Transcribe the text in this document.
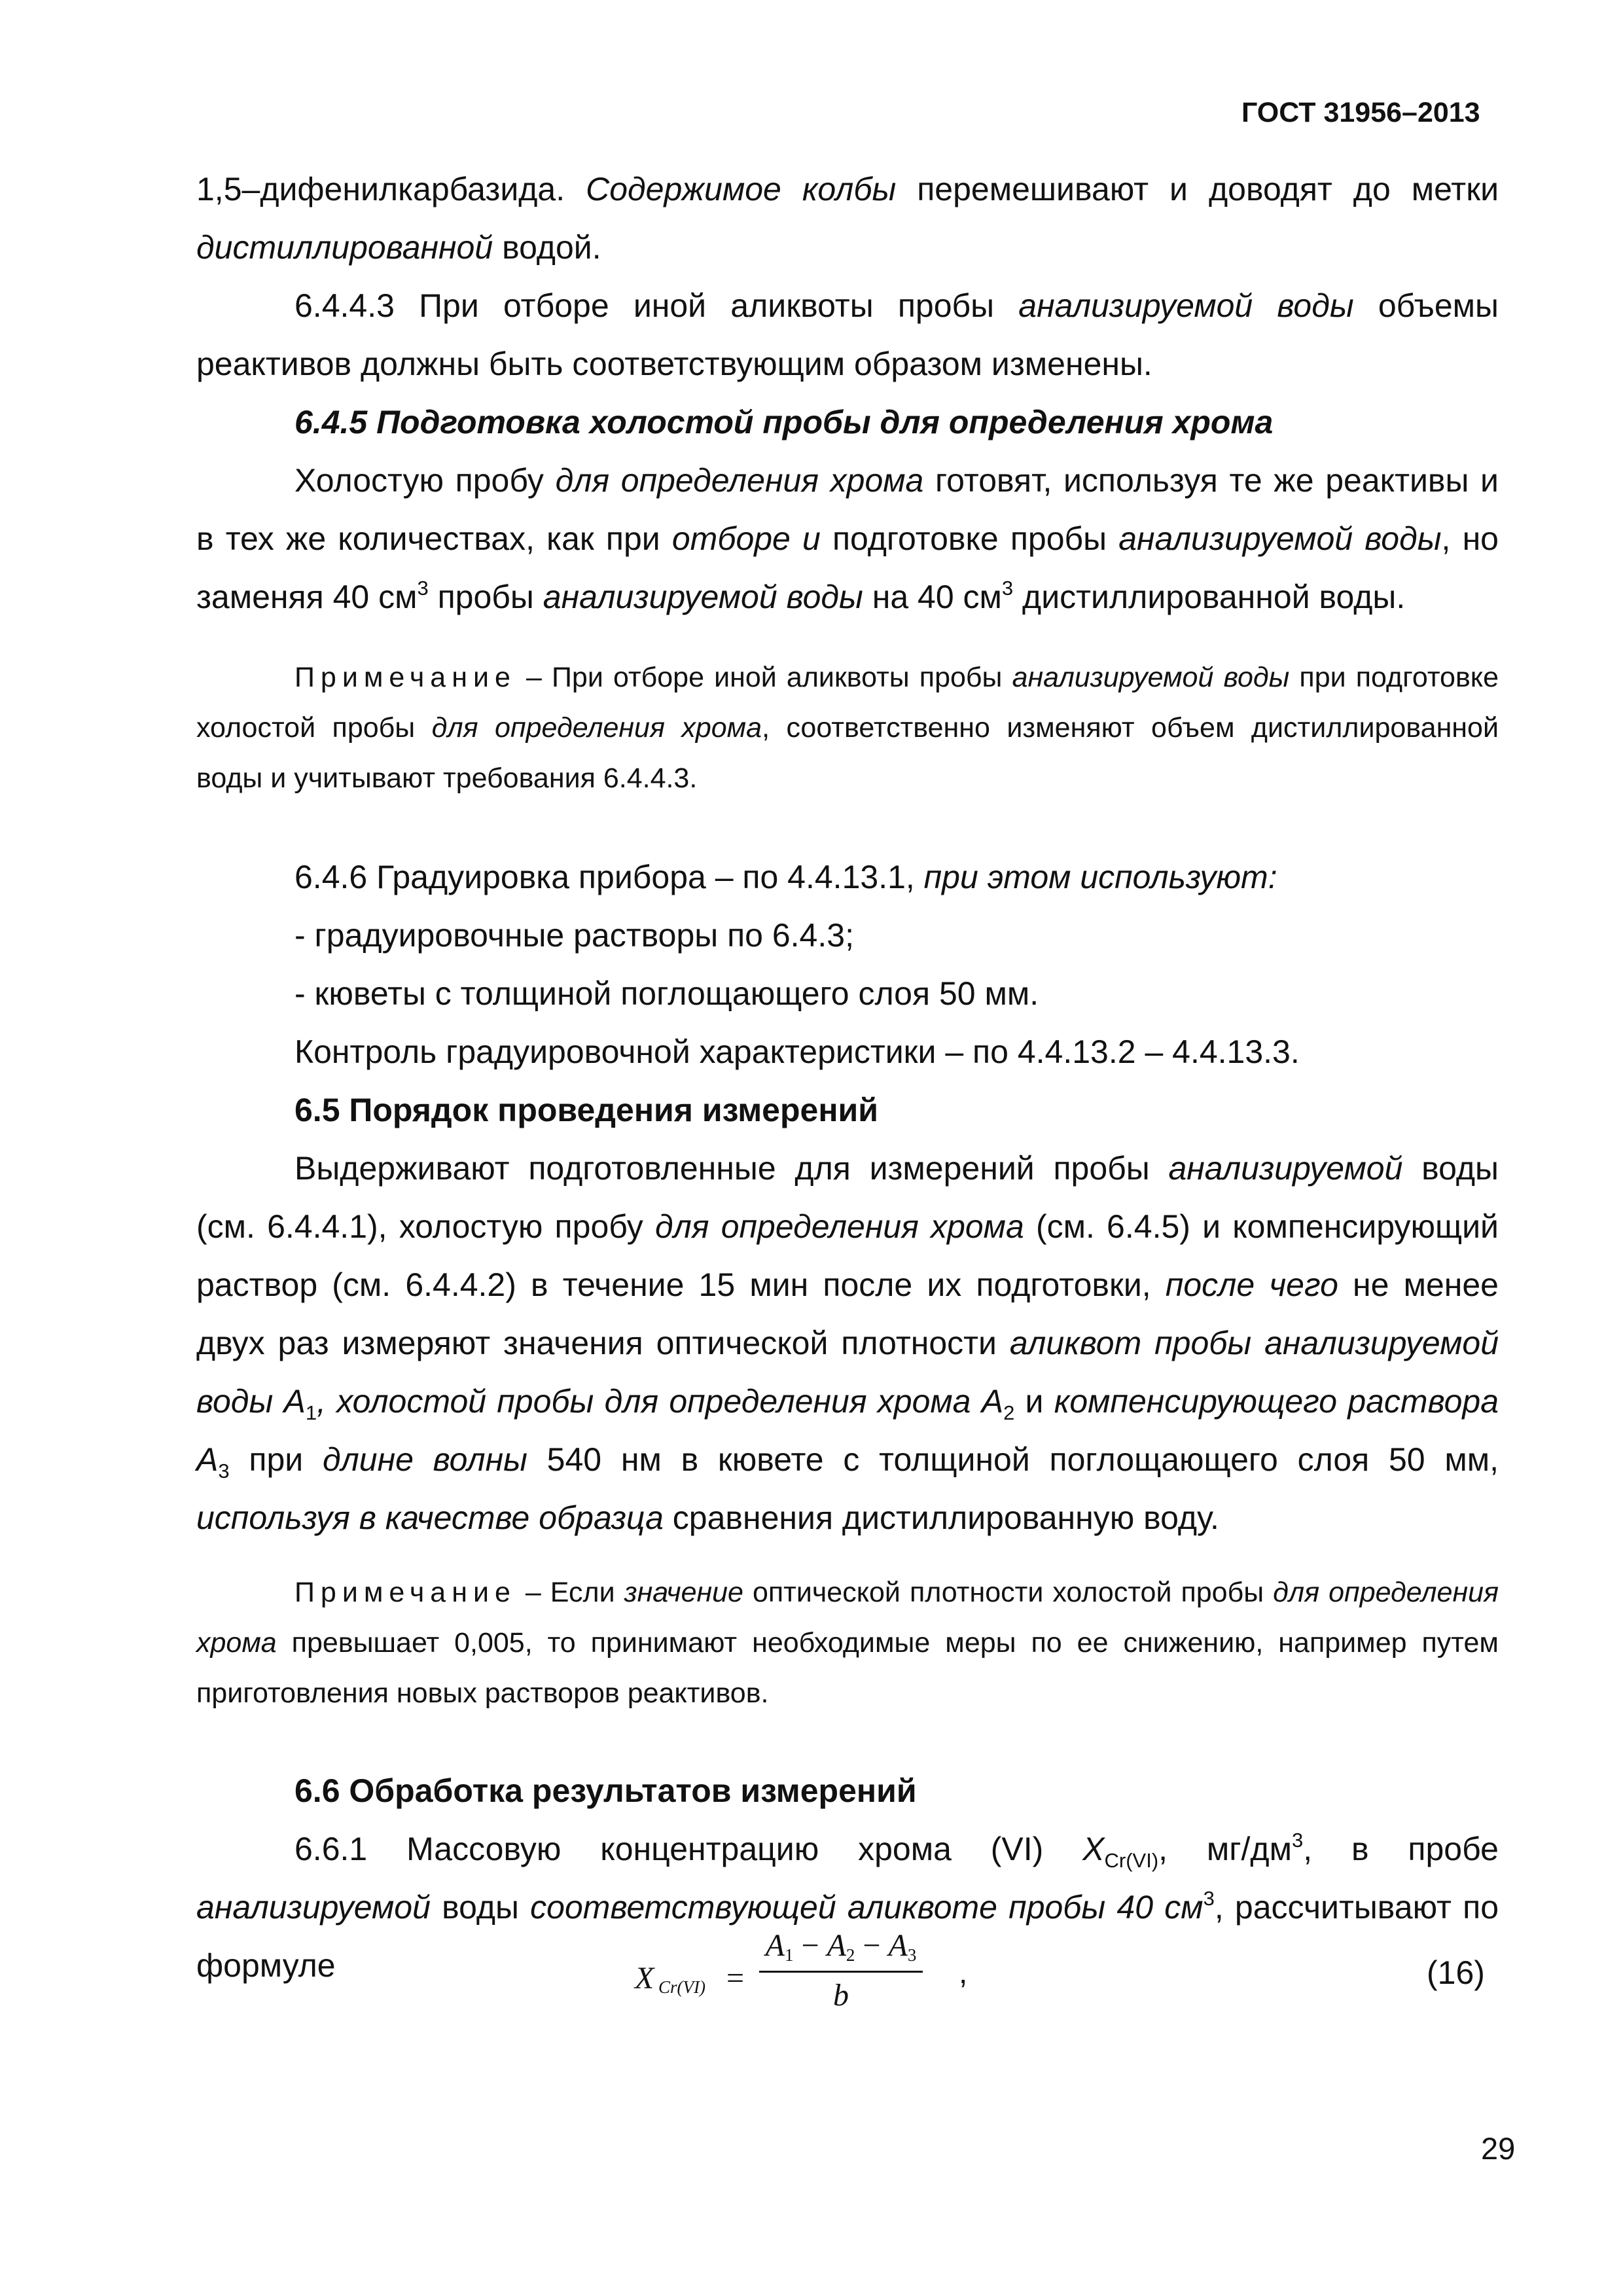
ГОСТ 31956–2013

1,5–дифенилкарбазида. Содержимое колбы перемешивают и доводят до метки дистиллированной водой.

6.4.4.3 При отборе иной аликвоты пробы анализируемой воды объемы реактивов должны быть соответствующим образом изменены.

6.4.5 Подготовка холостой пробы для определения хрома

Холостую пробу для определения хрома готовят, используя те же реактивы и в тех же количествах, как при отборе и подготовке пробы анализируемой воды, но заменяя 40 $см^3$ пробы анализируемой воды на 40 $см^3$ дистиллированной воды.

Примечание – При отборе иной аликвоты пробы анализируемой воды при подготовке холостой пробы для определения хрома, соответственно изменяют объем дистиллированной воды и учитывают требования 6.4.4.3.

6.4.6 Градуировка прибора – по 4.4.13.1, при этом используют:

- градуировочные растворы по 6.4.3;

- кюветы с толщиной поглощающего слоя 50 мм.

Контроль градуировочной характеристики – по 4.4.13.2 – 4.4.13.3.

6.5 Порядок проведения измерений

Выдерживают подготовленные для измерений пробы анализируемой воды (см. 6.4.4.1), холостую пробу для определения хрома (см. 6.4.5) и компенсирующий раствор (см. 6.4.4.2) в течение 15 мин после их подготовки, после чего не менее двух раз измеряют значения оптической плотности аликвот пробы анализируемой воды $А_1$, холостой пробы для определения хрома $А_2$ и компенсирующего раствора $А_3$ при длине волны 540 нм в кювете с толщиной поглощающего слоя 50 мм, используя в качестве образца сравнения дистиллированную воду.

Примечание – Если значение оптической плотности холостой пробы для определения хрома превышает 0,005, то принимают необходимые меры по ее снижению, например путем приготовления новых растворов реактивов.

6.6 Обработка результатов измерений

6.6.1 Массовую концентрацию хрома (VI) $X_{Cr(VI)}$, $мг/дм^3$, в пробе анализируемой воды соответствующей аликвоте пробы 40 $см^3$, рассчитывают по формуле	X Cr(VI) =
$A_1 - A_2 - A_3$
b
,	(16)
29
